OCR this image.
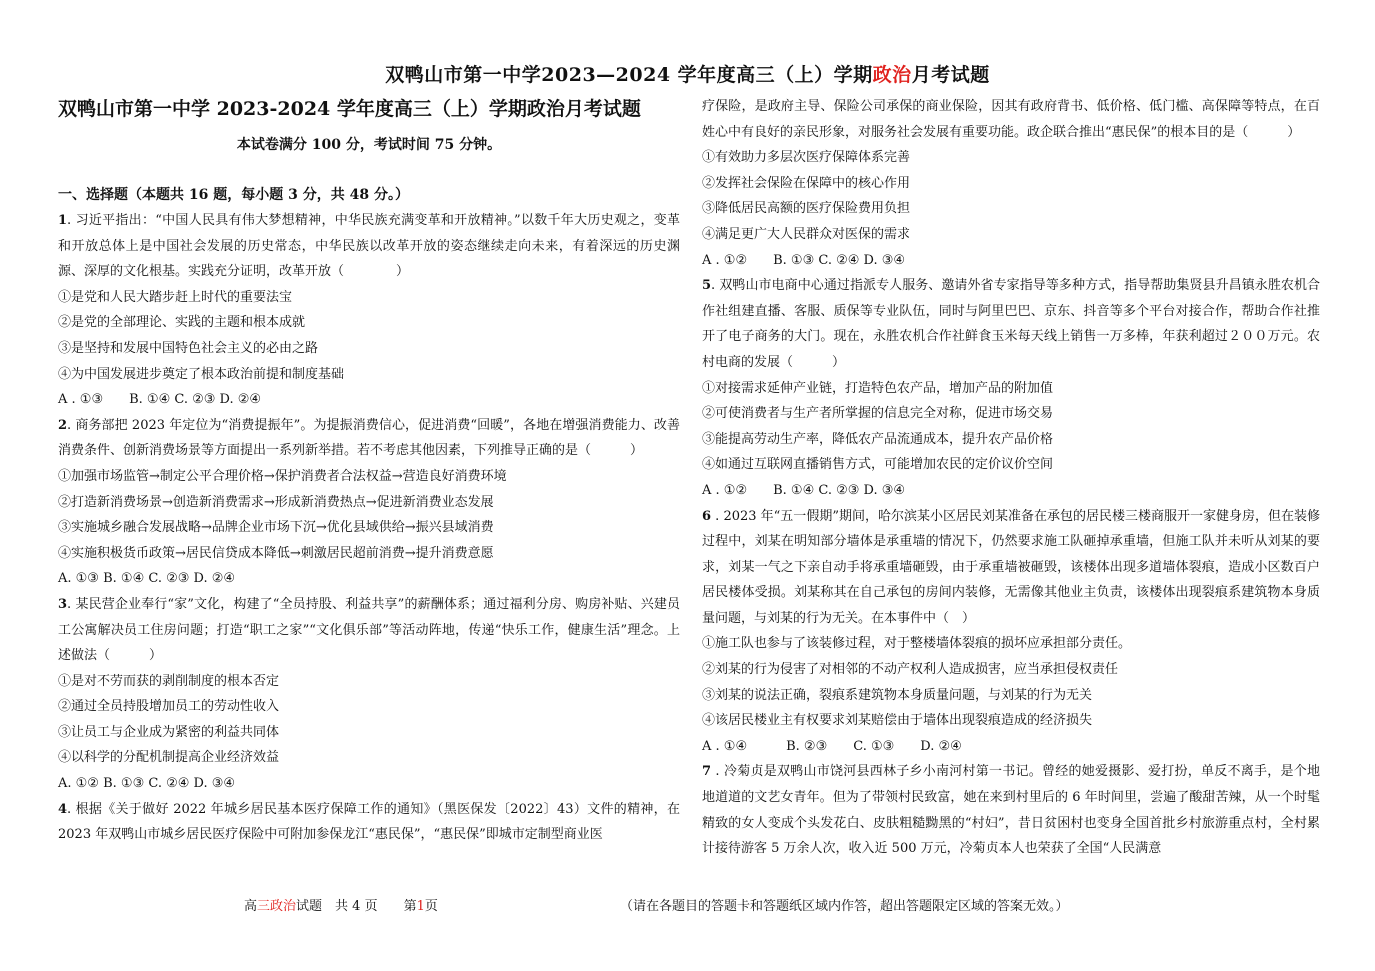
双鸭山市第一中学2023—2024 学年度高三（上）学期政治月考试题
双鸭山市第一中学 2023-2024 学年度高三（上）学期政治月考试题
本试卷满分 100 分，考试时间 75 分钟。
一、选择题（本题共 16 题，每小题 3 分，共 48 分。）

1. 习近平指出：“中国人民具有伟大梦想精神，中华民族充满变革和开放精神。”以数千年大历史观之，变革和开放总体上是中国社会发展的历史常态，中华民族以改革开放的姿态继续走向未来，有着深远的历史渊源、深厚的文化根基。实践充分证明，改革开放（　　　　）

①是党和人民大踏步赶上时代的重要法宝

②是党的全部理论、实践的主题和根本成就

③是坚持和发展中国特色社会主义的必由之路

④为中国发展进步奠定了根本政治前提和制度基础

A . ①③　　B. ①④ C. ②③ D. ②④

2. 商务部把 2023 年定位为“消费提振年”。为提振消费信心，促进消费“回暖”，各地在增强消费能力、改善消费条件、创新消费场景等方面提出一系列新举措。若不考虑其他因素，下列推导正确的是（　　　）

①加强市场监管→制定公平合理价格→保护消费者合法权益→营造良好消费环境

②打造新消费场景→创造新消费需求→形成新消费热点→促进新消费业态发展

③实施城乡融合发展战略→品牌企业市场下沉→优化县域供给→振兴县域消费

④实施积极货币政策→居民信贷成本降低→刺激居民超前消费→提升消费意愿

A. ①③ B. ①④ C. ②③ D. ②④

3. 某民营企业奉行“家”文化，构建了“全员持股、利益共享”的薪酬体系；通过福利分房、购房补贴、兴建员工公寓解决员工住房问题；打造“职工之家”“文化俱乐部”等活动阵地，传递“快乐工作，健康生活”理念。上述做法（　　　）

①是对不劳而获的剥削制度的根本否定

②通过全员持股增加员工的劳动性收入

③让员工与企业成为紧密的利益共同体

④以科学的分配机制提高企业经济效益

A. ①② B. ①③ C. ②④ D. ③④

4. 根据《关于做好 2022 年城乡居民基本医疗保障工作的通知》（黑医保发〔2022〕43）文件的精神，在 2023 年双鸭山市城乡居民医疗保险中可附加参保龙江“惠民保”，“惠民保”即城市定制型商业医

疗保险，是政府主导、保险公司承保的商业保险，因其有政府背书、低价格、低门槛、高保障等特点，在百姓心中有良好的亲民形象，对服务社会发展有重要功能。政企联合推出“惠民保”的根本目的是（　　　）

①有效助力多层次医疗保障体系完善

②发挥社会保险在保障中的核心作用

③降低居民高额的医疗保险费用负担

④满足更广大人民群众对医保的需求

A . ①②　　B. ①③ C. ②④ D. ③④

5. 双鸭山市电商中心通过指派专人服务、邀请外省专家指导等多种方式，指导帮助集贤县升昌镇永胜农机合作社组建直播、客服、质保等专业队伍，同时与阿里巴巴、京东、抖音等多个平台对接合作，帮助合作社推开了电子商务的大门。现在，永胜农机合作社鲜食玉米每天线上销售一万多棒，年获利超过２００万元。农村电商的发展（　　　）

①对接需求延伸产业链，打造特色农产品，增加产品的附加值

②可使消费者与生产者所掌握的信息完全对称，促进市场交易

③能提高劳动生产率，降低农产品流通成本，提升农产品价格

④如通过互联网直播销售方式，可能增加农民的定价议价空间

A . ①②　　B. ①④ C. ②③ D. ③④

6 . 2023 年“五一假期”期间，哈尔滨某小区居民刘某准备在承包的居民楼三楼商服开一家健身房，但在装修过程中，刘某在明知部分墙体是承重墙的情况下，仍然要求施工队砸掉承重墙，但施工队并未听从刘某的要求，刘某一气之下亲自动手将承重墙砸毁，由于承重墙被砸毁，该楼体出现多道墙体裂痕，造成小区数百户居民楼体受损。刘某称其在自己承包的房间内装修，无需像其他业主负责，该楼体出现裂痕系建筑物本身质量问题，与刘某的行为无关。在本事件中（　）

①施工队也参与了该装修过程，对于整楼墙体裂痕的损坏应承担部分责任。

②刘某的行为侵害了对相邻的不动产权利人造成损害，应当承担侵权责任

③刘某的说法正确，裂痕系建筑物本身质量问题，与刘某的行为无关

④该居民楼业主有权要求刘某赔偿由于墙体出现裂痕造成的经济损失

A . ①④　　　B. ②③　　C. ①③　　D. ②④

7 . 冷菊贞是双鸭山市饶河县西林子乡小南河村第一书记。曾经的她爱摄影、爱打扮，单反不离手，是个地地道道的文艺女青年。但为了带领村民致富，她在来到村里后的 6 年时间里，尝遍了酸甜苦辣，从一个时髦精致的女人变成个头发花白、皮肤粗糙黝黑的“村妇”，昔日贫困村也变身全国首批乡村旅游重点村，全村累计接待游客 5 万余人次，收入近 500 万元，冷菊贞本人也荣获了全国“人民满意

高三政治试题　共 4 页　　第1页	（请在各题目的答题卡和答题纸区域内作答，超出答题限定区域的答案无效。）
